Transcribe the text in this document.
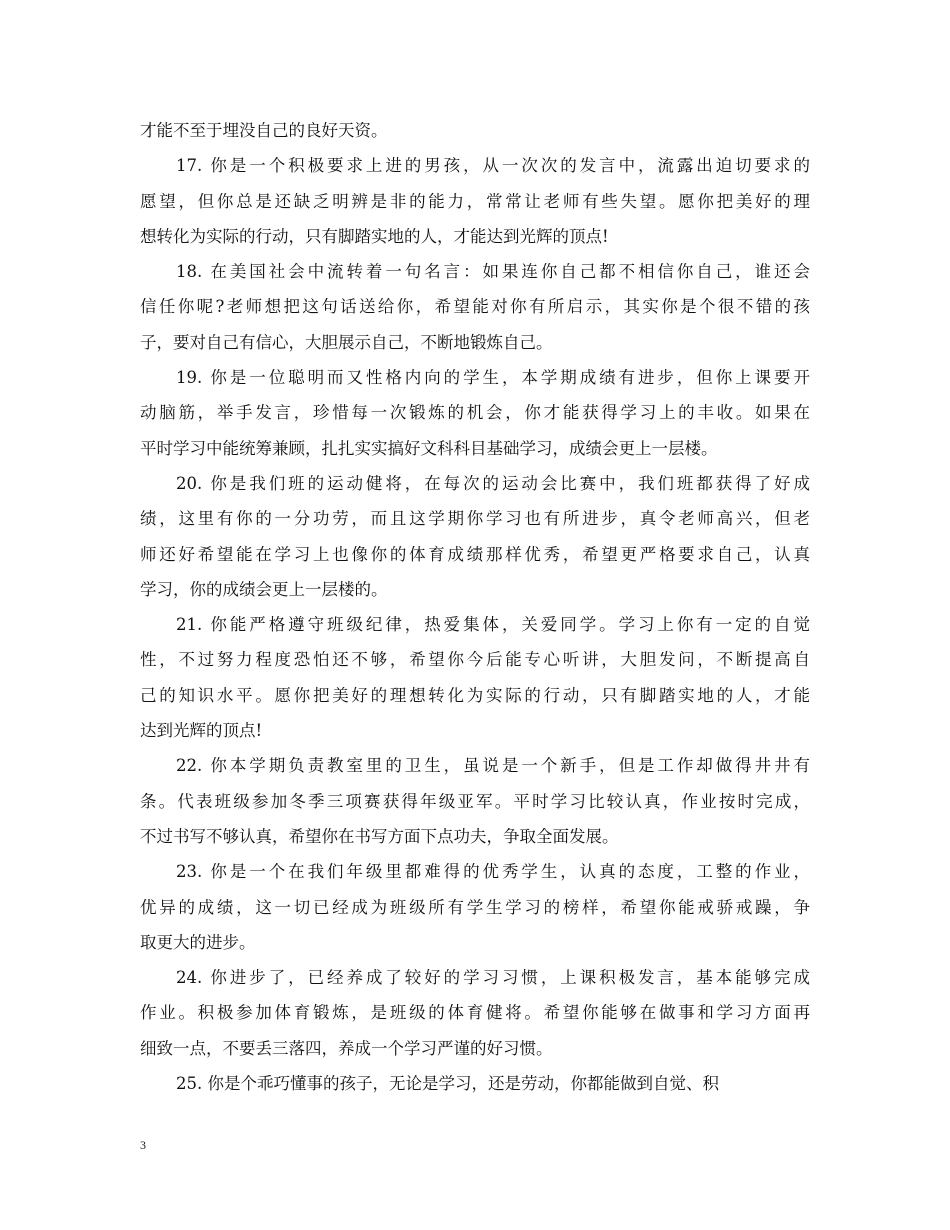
才能不至于埋没自己的良好天资。
17. 你是一个积极要求上进的男孩，从一次次的发言中，流露出迫切要求的
愿望，但你总是还缺乏明辨是非的能力，常常让老师有些失望。愿你把美好的理
想转化为实际的行动，只有脚踏实地的人，才能达到光辉的顶点!
18. 在美国社会中流转着一句名言：如果连你自己都不相信你自己，谁还会
信任你呢?老师想把这句话送给你，希望能对你有所启示，其实你是个很不错的孩
子，要对自己有信心，大胆展示自己，不断地锻炼自己。
19. 你是一位聪明而又性格内向的学生，本学期成绩有进步，但你上课要开
动脑筋，举手发言，珍惜每一次锻炼的机会，你才能获得学习上的丰收。如果在
平时学习中能统筹兼顾，扎扎实实搞好文科科目基础学习，成绩会更上一层楼。
20. 你是我们班的运动健将，在每次的运动会比赛中，我们班都获得了好成
绩，这里有你的一分功劳，而且这学期你学习也有所进步，真令老师高兴，但老
师还好希望能在学习上也像你的体育成绩那样优秀，希望更严格要求自己，认真
学习，你的成绩会更上一层楼的。
21. 你能严格遵守班级纪律，热爱集体，关爱同学。学习上你有一定的自觉
性，不过努力程度恐怕还不够，希望你今后能专心听讲，大胆发问，不断提高自
己的知识水平。愿你把美好的理想转化为实际的行动，只有脚踏实地的人，才能
达到光辉的顶点!
22. 你本学期负责教室里的卫生，虽说是一个新手，但是工作却做得井井有
条。代表班级参加冬季三项赛获得年级亚军。平时学习比较认真，作业按时完成，
不过书写不够认真，希望你在书写方面下点功夫，争取全面发展。
23. 你是一个在我们年级里都难得的优秀学生，认真的态度，工整的作业，
优异的成绩，这一切已经成为班级所有学生学习的榜样，希望你能戒骄戒躁，争
取更大的进步。
24. 你进步了，已经养成了较好的学习习惯，上课积极发言，基本能够完成
作业。积极参加体育锻炼，是班级的体育健将。希望你能够在做事和学习方面再
细致一点，不要丢三落四，养成一个学习严谨的好习惯。
25. 你是个乖巧懂事的孩子，无论是学习，还是劳动，你都能做到自觉、积
3
